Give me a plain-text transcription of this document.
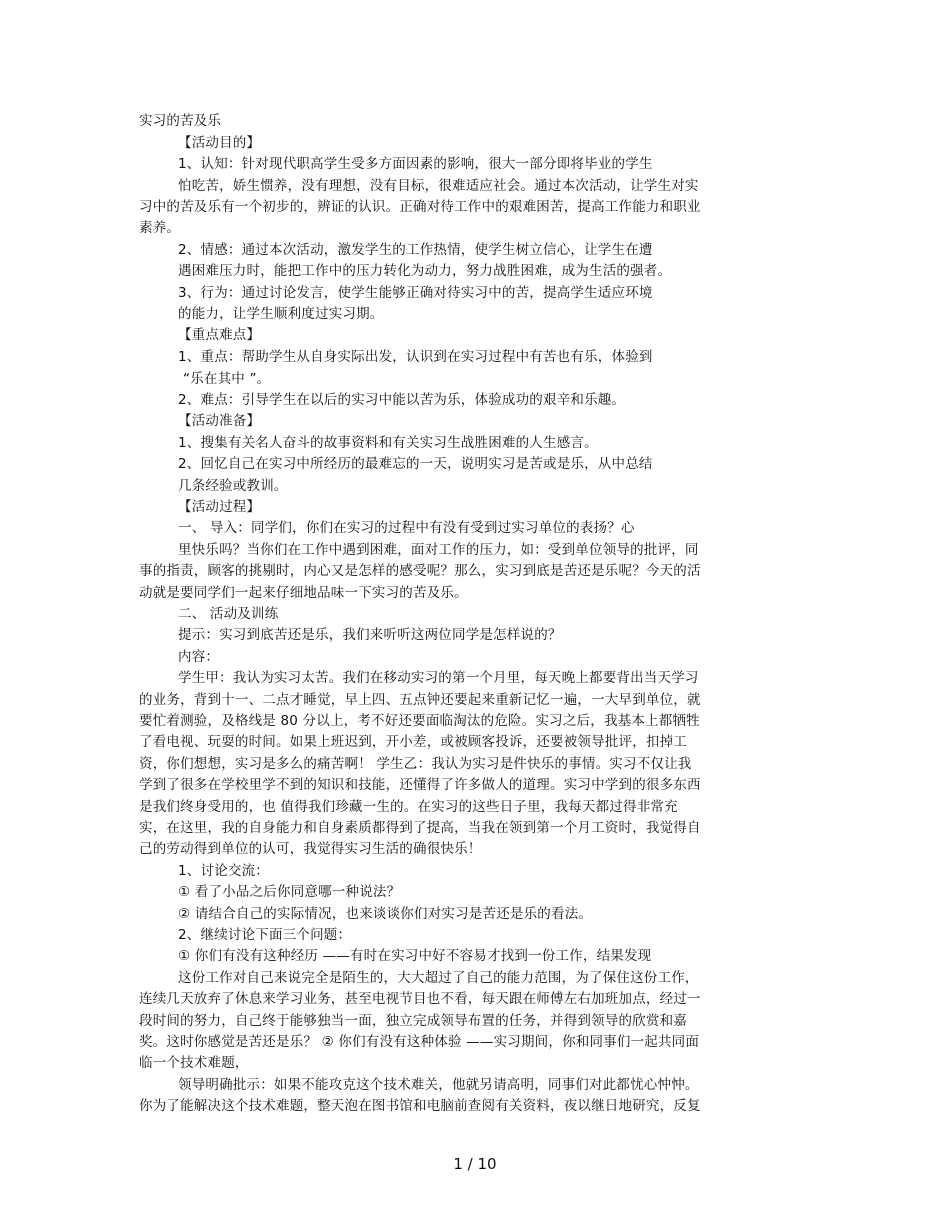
实习的苦及乐
【活动目的】
1、认知：针对现代职高学生受多方面因素的影响，很大一部分即将毕业的学生
怕吃苦，娇生惯养，没有理想，没有目标，很难适应社会。通过本次活动，让学生对实
习中的苦及乐有一个初步的，辨证的认识。正确对待工作中的艰难困苦，提高工作能力和职业
素养。
2、情感：通过本次活动，激发学生的工作热情，使学生树立信心，让学生在遭
遇困难压力时，能把工作中的压力转化为动力，努力战胜困难，成为生活的强者。
3、行为：通过讨论发言，使学生能够正确对待实习中的苦，提高学生适应环境
的能力，让学生顺利度过实习期。
【重点难点】
1、重点：帮助学生从自身实际出发，认识到在实习过程中有苦也有乐，体验到
“乐在其中 ”。
2、难点：引导学生在以后的实习中能以苦为乐，体验成功的艰辛和乐趣。
【活动准备】
1、搜集有关名人奋斗的故事资料和有关实习生战胜困难的人生感言。
2、回忆自己在实习中所经历的最难忘的一天，说明实习是苦或是乐，从中总结
几条经验或教训。
【活动过程】
一、 导入：同学们，你们在实习的过程中有没有受到过实习单位的表扬？心
里快乐吗？当你们在工作中遇到困难，面对工作的压力，如：受到单位领导的批评，同
事的指责，顾客的挑剔时，内心又是怎样的感受呢？那么，实习到底是苦还是乐呢？今天的活
动就是要同学们一起来仔细地品味一下实习的苦及乐。
二、 活动及训练
提示：实习到底苦还是乐，我们来听听这两位同学是怎样说的？
内容：
学生甲：我认为实习太苦。我们在移动实习的第一个月里，每天晚上都要背出当天学习
的业务，背到十一、二点才睡觉，早上四、五点钟还要起来重新记忆一遍，一大早到单位，就
要忙着测验，及格线是 80 分以上，考不好还要面临淘汰的危险。实习之后，我基本上都牺牲
了看电视、玩耍的时间。如果上班迟到，开小差，或被顾客投诉，还要被领导批评，扣掉工
资，你们想想，实习是多么的痛苦啊！ 学生乙：我认为实习是件快乐的事情。实习不仅让我
学到了很多在学校里学不到的知识和技能，还懂得了许多做人的道理。实习中学到的很多东西
是我们终身受用的，也 值得我们珍藏一生的。在实习的这些日子里，我每天都过得非常充
实，在这里，我的自身能力和自身素质都得到了提高，当我在领到第一个月工资时，我觉得自
己的劳动得到单位的认可，我觉得实习生活的确很快乐！
1、讨论交流：
① 看了小品之后你同意哪一种说法？
② 请结合自己的实际情况，也来谈谈你们对实习是苦还是乐的看法。
2、继续讨论下面三个问题：
① 你们有没有这种经历 ——有时在实习中好不容易才找到一份工作，结果发现
这份工作对自己来说完全是陌生的，大大超过了自己的能力范围，为了保住这份工作，
连续几天放弃了休息来学习业务，甚至电视节目也不看，每天跟在师傅左右加班加点，经过一
段时间的努力，自己终于能够独当一面，独立完成领导布置的任务，并得到领导的欣赏和嘉
奖。这时你感觉是苦还是乐？ ② 你们有没有这种体验 ——实习期间，你和同事们一起共同面
临一个技术难题，
领导明确批示：如果不能攻克这个技术难关，他就另请高明，同事们对此都忧心忡忡。
你为了能解决这个技术难题，整天泡在图书馆和电脑前查阅有关资料，夜以继日地研究，反复
1 / 10
